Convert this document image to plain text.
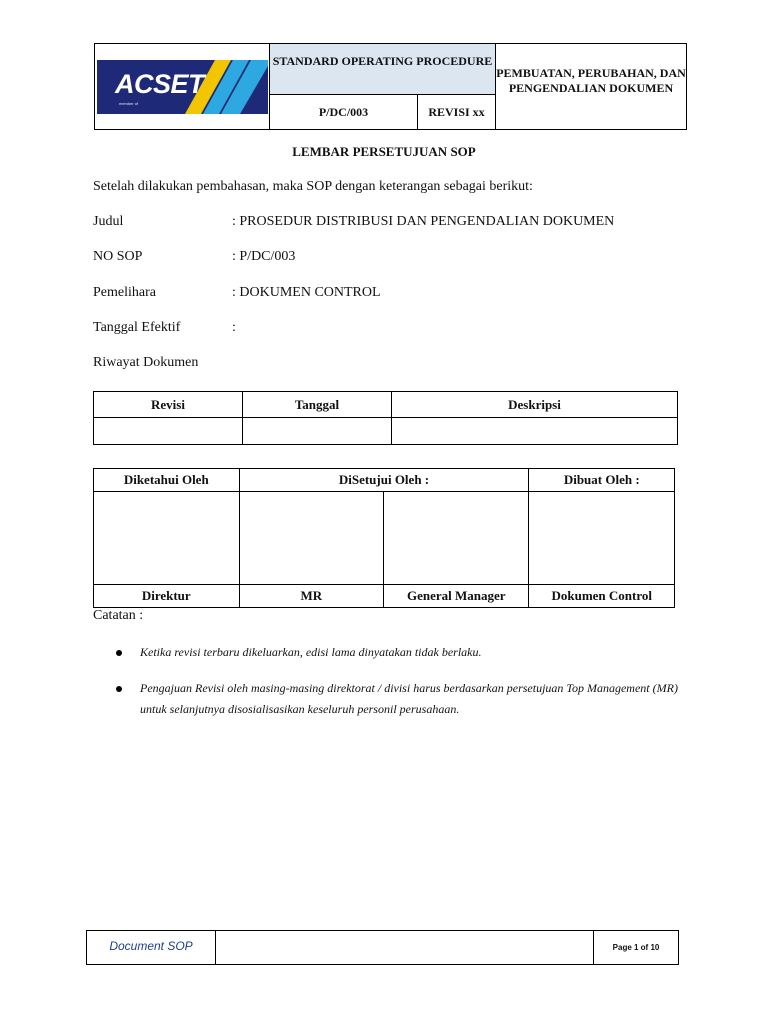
ACSET
member of
STANDARD OPERATING PROCEDURE
P/DC/003	REVISI xx
PEMBUATAN, PERUBAHAN, DAN PENGENDALIAN DOKUMEN
LEMBAR PERSETUJUAN SOP
Setelah dilakukan pembahasan, maka SOP dengan keterangan sebagai berikut:
Judul	: PROSEDUR DISTRIBUSI DAN PENGENDALIAN DOKUMEN
NO SOP	: P/DC/003
Pemelihara	: DOKUMEN CONTROL
Tanggal Efektif	:
Riwayat Dokumen
Revisi	Tanggal	Deskripsi

Diketahui Oleh	DiSetujui Oleh :		Dibuat Oleh :

Direktur	MR	General Manager	Dokumen Control
Catatan :
Ketika revisi terbaru dikeluarkan, edisi lama dinyatakan tidak berlaku.
Pengajuan Revisi oleh masing-masing direktorat / divisi harus berdasarkan persetujuan Top Management (MR) untuk selanjutnya disosialisasikan keseluruh personil perusahaan.
Document SOP	Page 1 of 10
